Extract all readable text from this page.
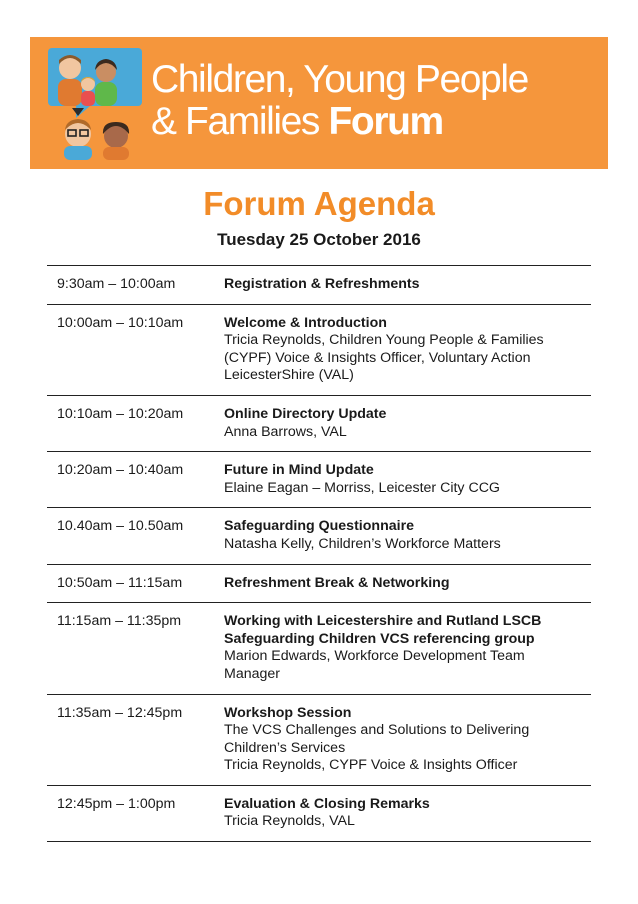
Children, Young People
& Families Forum
Forum Agenda
Tuesday 25 October 2016
9:30am – 10:00am	Registration & Refreshments
10:00am – 10:10am	Welcome & Introduction
Tricia Reynolds, Children Young People & Families
(CYPF) Voice & Insights Officer, Voluntary Action
LeicesterShire (VAL)
10:10am – 10:20am	Online Directory Update
Anna Barrows, VAL
10:20am – 10:40am	Future in Mind Update
Elaine Eagan – Morriss, Leicester City CCG
10.40am – 10.50am	Safeguarding Questionnaire
Natasha Kelly, Children’s Workforce Matters
10:50am – 11:15am	Refreshment Break & Networking
11:15am – 11:35pm	Working with Leicestershire and Rutland LSCB
Safeguarding Children VCS referencing group
Marion Edwards, Workforce Development Team
Manager
11:35am – 12:45pm	Workshop Session
The VCS Challenges and Solutions to Delivering
Children’s Services
Tricia Reynolds, CYPF Voice & Insights Officer
12:45pm – 1:00pm	Evaluation & Closing Remarks
Tricia Reynolds, VAL
